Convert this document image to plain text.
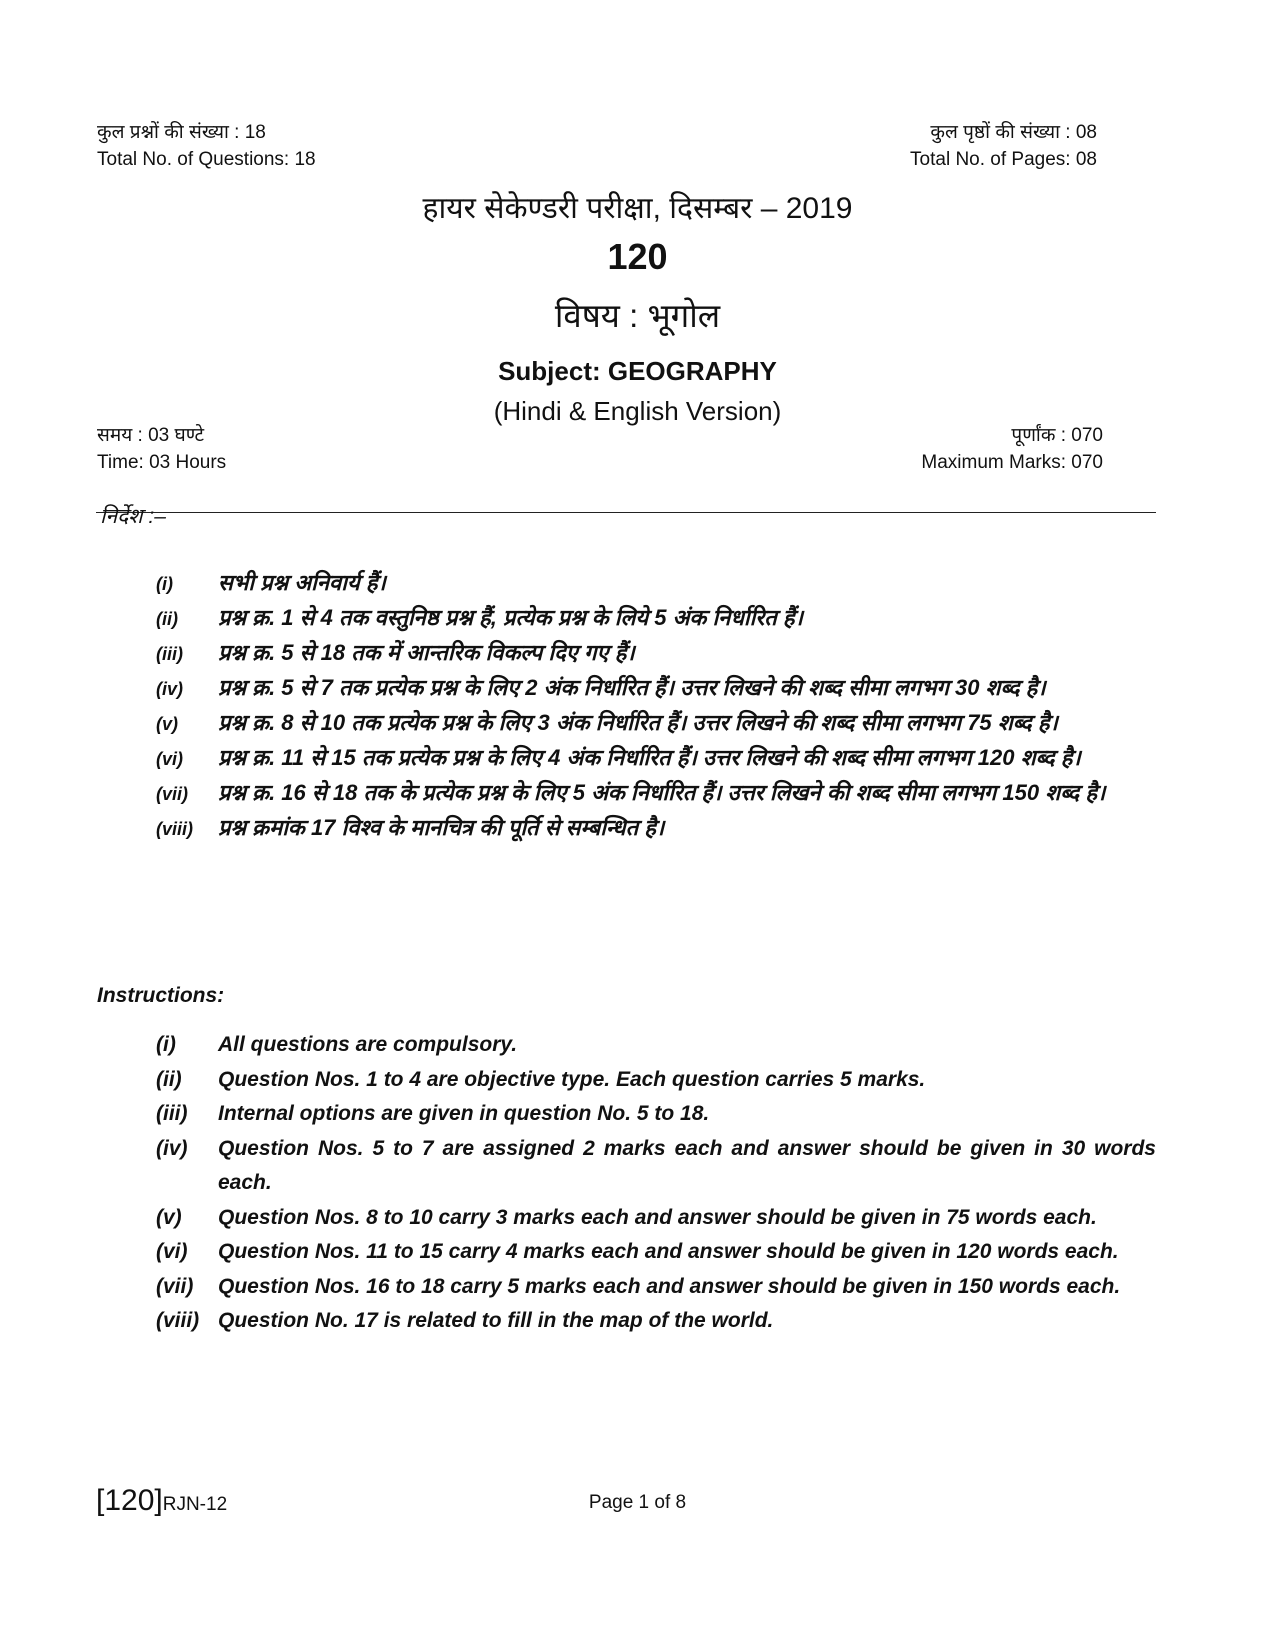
कुल प्रश्नों की संख्या : 18
Total No. of Questions: 18
कुल पृष्ठों की संख्या : 08
Total No. of Pages: 08
हायर सेकेण्डरी परीक्षा, दिसम्बर – 2019
120
विषय : भूगोल
Subject: GEOGRAPHY
(Hindi & English Version)
समय : 03 घण्टे
Time: 03 Hours
पूर्णांक : 070
Maximum Marks: 070
निर्देश :–
(i)	सभी प्रश्न अनिवार्य हैं।
(ii)	प्रश्न क्र. 1 से 4 तक वस्तुनिष्ठ प्रश्न हैं, प्रत्येक प्रश्न के लिये 5 अंक निर्धारित हैं।
(iii)	प्रश्न क्र. 5 से 18 तक में आन्तरिक विकल्प दिए गए हैं।
(iv)	प्रश्न क्र. 5 से 7 तक प्रत्येक प्रश्न के लिए 2 अंक निर्धारित हैं। उत्तर लिखने की शब्द सीमा लगभग 30 शब्द है।
(v)	प्रश्न क्र. 8 से 10 तक प्रत्येक प्रश्न के लिए 3 अंक निर्धारित हैं। उत्तर लिखने की शब्द सीमा लगभग 75 शब्द है।
(vi)	प्रश्न क्र. 11 से 15 तक प्रत्येक प्रश्न के लिए 4 अंक निर्धारित हैं। उत्तर लिखने की शब्द सीमा लगभग 120 शब्द है।
(vii)	प्रश्न क्र. 16 से 18 तक के प्रत्येक प्रश्न के लिए 5 अंक निर्धारित हैं। उत्तर लिखने की शब्द सीमा लगभग 150 शब्द है।
(viii)	प्रश्न क्रमांक 17 विश्व के मानचित्र की पूर्ति से सम्बन्धित है।
Instructions:
(i)	All questions are compulsory.
(ii)	Question Nos. 1 to 4 are objective type. Each question carries 5 marks.
(iii)	Internal options are given in question No. 5 to 18.
(iv)	Question Nos. 5 to 7 are assigned 2 marks each and answer should be given in 30 words each.
(v)	Question Nos. 8 to 10 carry 3 marks each and answer should be given in 75 words each.
(vi)	Question Nos. 11 to 15 carry 4 marks each and answer should be given in 120 words each.
(vii)	Question Nos. 16 to 18 carry 5 marks each and answer should be given in 150 words each.
(viii) Question No. 17 is related to fill in the map of the world.
[120]RJN-12	Page 1 of 8
